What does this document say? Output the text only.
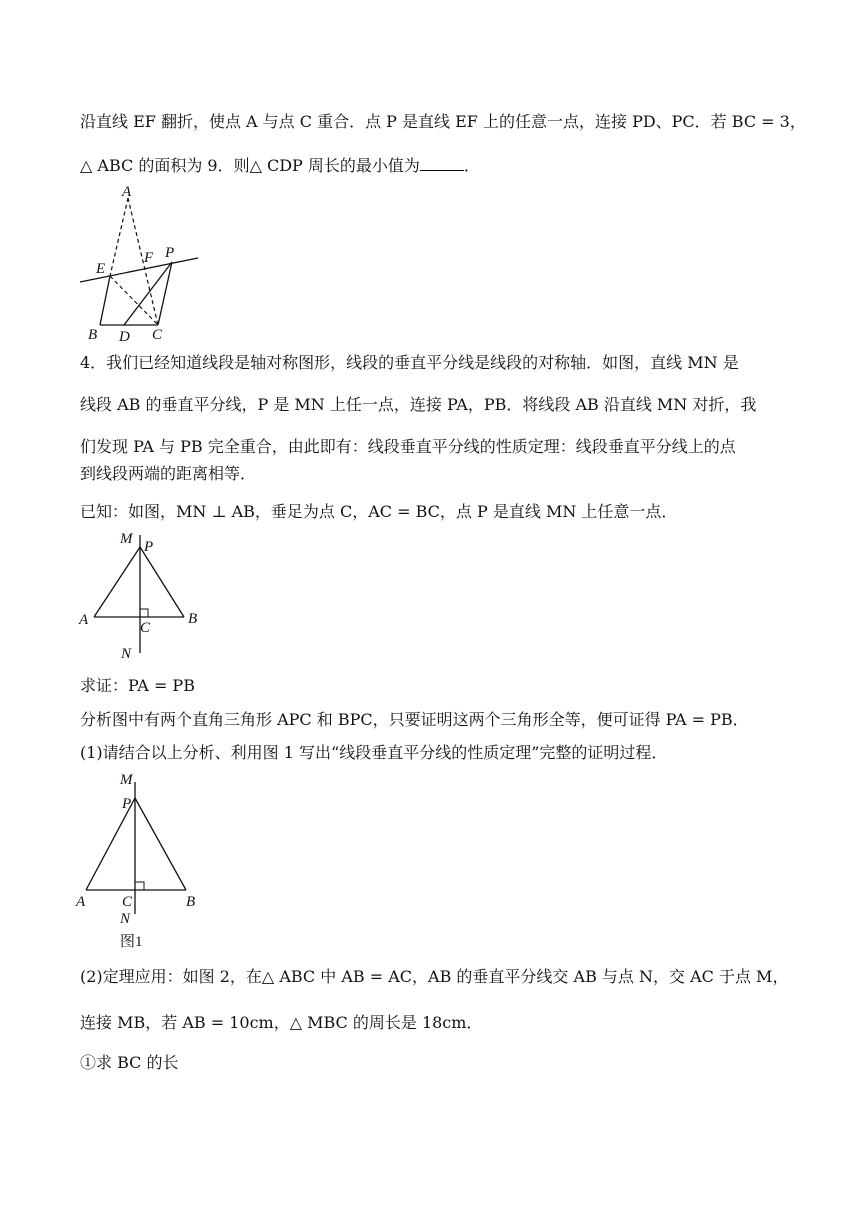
沿直线 EF 翻折，使点 A 与点 C 重合．点 P 是直线 EF 上的任意一点，连接 PD、PC．若 BC = 3，
△ ABC 的面积为 9．则△ CDP 周长的最小值为	．
A
E
F P
B D C
4．我们已经知道线段是轴对称图形，线段的垂直平分线是线段的对称轴．如图，直线 MN 是
线段 AB 的垂直平分线，P 是 MN 上任一点，连接 PA，PB．将线段 AB 沿直线 MN 对折，我
们发现 PA 与 PB 完全重合，由此即有：线段垂直平分线的性质定理：线段垂直平分线上的点
到线段两端的距离相等．
已知：如图，MN ⊥ AB，垂足为点 C，AC = BC，点 P 是直线 MN 上任意一点．
M P
A	C
B
N
求证：PA = PB
分析图中有两个直角三角形 APC 和 BPC，只要证明这两个三角形全等，便可证得 PA = PB．
(1)请结合以上分析、利用图 1 写出“线段垂直平分线的性质定理”完整的证明过程．
M
P
A C	B
N
图1
(2)定理应用：如图 2，在△ ABC 中 AB = AC，AB 的垂直平分线交 AB 与点 N，交 AC 于点 M，
连接 MB，若 AB = 10cm，△ MBC 的周长是 18cm．
①求 BC 的长
